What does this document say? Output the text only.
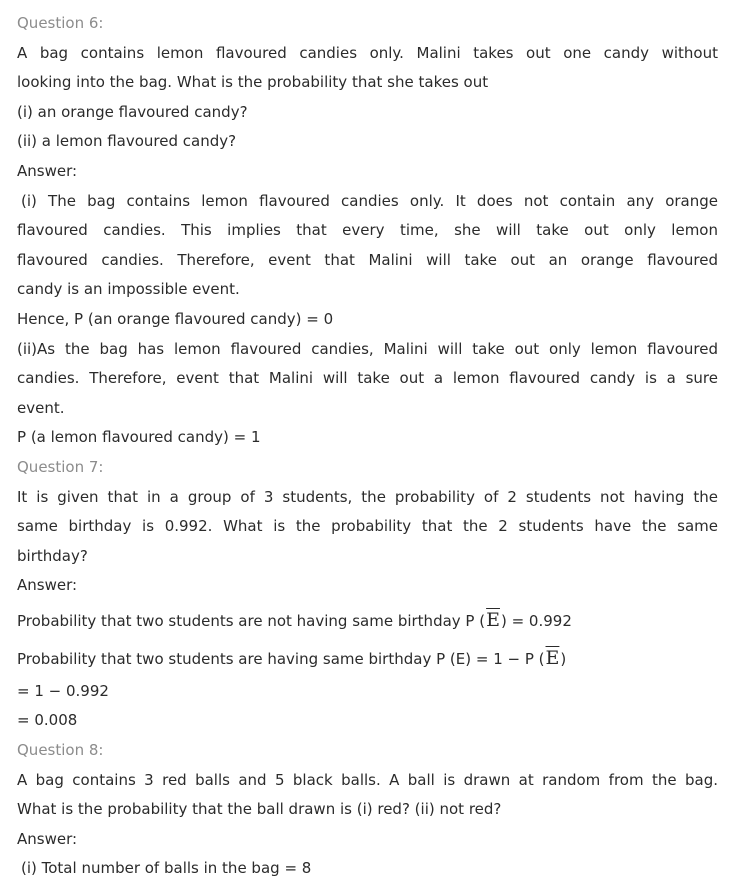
Question 6:
A bag contains lemon flavoured candies only. Malini takes out one candy without
looking into the bag. What is the probability that she takes out
(i) an orange flavoured candy?
(ii) a lemon flavoured candy?
Answer:
(i) The bag contains lemon flavoured candies only. It does not contain any orange
flavoured candies. This implies that every time, she will take out only lemon
flavoured candies. Therefore, event that Malini will take out an orange flavoured
candy is an impossible event.
Hence, P (an orange flavoured candy) = 0
(ii)As the bag has lemon flavoured candies, Malini will take out only lemon flavoured
candies. Therefore, event that Malini will take out a lemon flavoured candy is a sure
event.
P (a lemon flavoured candy) = 1
Question 7:
It is given that in a group of 3 students, the probability of 2 students not having the
same birthday is 0.992. What is the probability that the 2 students have the same
birthday?
Answer:
Probability that two students are not having same birthday P $(\overline{E}) = 0.992$
Probability that two students are having same birthday P (E) = 1 − P $(\overline{E})$
= 1 − 0.992
= 0.008
Question 8:
A bag contains 3 red balls and 5 black balls. A ball is drawn at random from the bag.
What is the probability that the ball drawn is (i) red? (ii) not red?
Answer:
(i) Total number of balls in the bag = 8
